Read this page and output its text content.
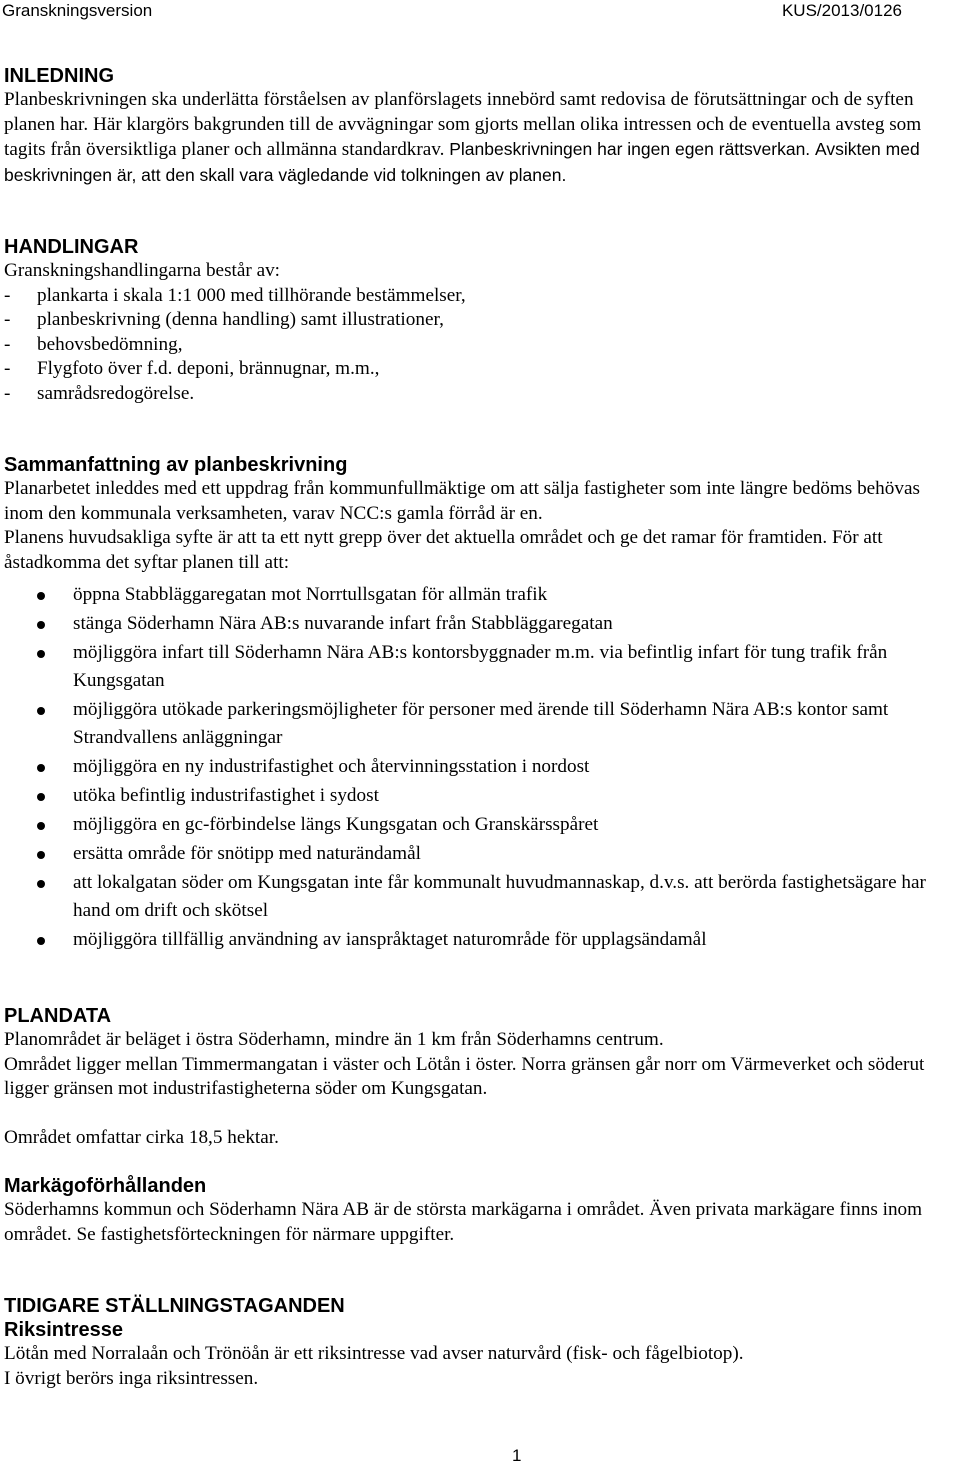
Granskningsversion	KUS/2013/0126
INLEDNING

Planbeskrivningen ska underlätta förståelsen av planförslagets innebörd samt redovisa de förutsättningar och de syften planen har. Här klargörs bakgrunden till de avvägningar som gjorts mellan olika intressen och de eventuella avsteg som tagits från översiktliga planer och allmänna standardkrav. Planbeskrivningen har ingen egen rättsverkan. Avsikten med beskrivningen är, att den skall vara vägledande vid tolkningen av planen.

HANDLINGAR

Granskningshandlingarna består av:

- plankarta i skala 1:1 000 med tillhörande bestämmelser,
- planbeskrivning (denna handling) samt illustrationer,
- behovsbedömning,
- Flygfoto över f.d. deponi, brännugnar, m.m.,
- samrådsredogörelse.
Sammanfattning av planbeskrivning

Planarbetet inleddes med ett uppdrag från kommunfullmäktige om att sälja fastigheter som inte längre bedöms behövas inom den kommunala verksamheten, varav NCC:s gamla förråd är en.

Planens huvudsakliga syfte är att ta ett nytt grepp över det aktuella området och ge det ramar för framtiden. För att åstadkomma det syftar planen till att:

öppna Stabbläggaregatan mot Norrtullsgatan för allmän trafik
stänga Söderhamn Nära AB:s nuvarande infart från Stabbläggaregatan
möjliggöra infart till Söderhamn Nära AB:s kontorsbyggnader m.m. via befintlig infart för tung trafik från Kungsgatan
möjliggöra utökade parkeringsmöjligheter för personer med ärende till Söderhamn Nära AB:s kontor samt Strandvallens anläggningar
möjliggöra en ny industrifastighet och återvinningsstation i nordost
utöka befintlig industrifastighet i sydost
möjliggöra en gc-förbindelse längs Kungsgatan och Granskärsspåret
ersätta område för snötipp med naturändamål
att lokalgatan söder om Kungsgatan inte får kommunalt huvudmannaskap, d.v.s. att berörda fastighetsägare har hand om drift och skötsel
möjliggöra tillfällig användning av ianspråktaget naturområde för upplagsändamål
PLANDATA

Planområdet är beläget i östra Söderhamn, mindre än 1 km från Söderhamns centrum.

Området ligger mellan Timmermangatan i väster och Lötån i öster. Norra gränsen går norr om Värmeverket och söderut ligger gränsen mot industrifastigheterna söder om Kungsgatan.

Området omfattar cirka 18,5 hektar.

Markägoförhållanden

Söderhamns kommun och Söderhamn Nära AB är de största markägarna i området. Även privata markägare finns inom området. Se fastighetsförteckningen för närmare uppgifter.

TIDIGARE STÄLLNINGSTAGANDEN
Riksintresse

Lötån med Norralaån och Trönöån är ett riksintresse vad avser naturvård (fisk- och fågelbiotop).

I övrigt berörs inga riksintressen.

1
